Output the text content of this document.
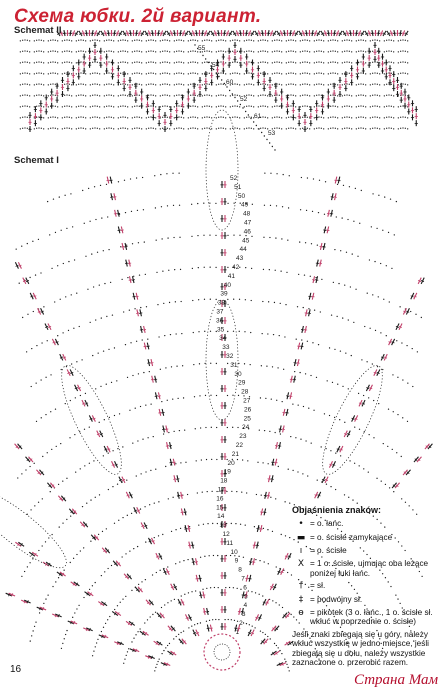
52
51
50
49
48
47
46
45
44
43
42
41
40
39
38
37
36
35
34
33
32
31
30
29
28
27
26
25
24
23
22
21
20
19
18
17
16
15
14
13
12
11
10
9
8
7
6
5
4
3
2
1
55
54
60
52
61
53
Схема юбки. 2й вариант.
Schemat II
Schemat I
Objaśnienia znaków:
• = o. łańc.
▬ = o. ścisłe zamykające
ı = o. ścisłe
X = 1 o. ścisłe, ujmując oba leżące poniżej łuki łańc.
† = sł.
‡ = podwójny sł.
ɵ = pikotek (3 o. łańc., 1 o. ścisłe sł. wkłuć w poprzednie o. ścisłe)
Jeśli znaki zbiegają się u góry, należy wkłuć wszystkie w jedno miejsce, jeśli zbiegają się u dołu, należy wszystkie zaznaczone o. przerobić razem.
16
Страна Мам
